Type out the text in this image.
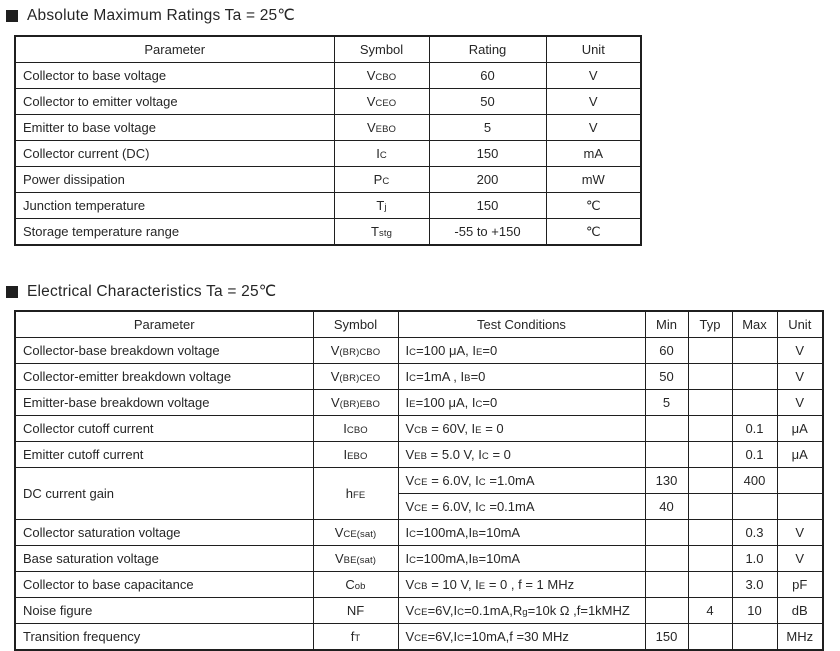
Absolute Maximum Ratings Ta = 25℃
Parameter	Symbol	Rating	Unit
Collector to base voltage	VCBO	60	V
Collector to emitter voltage	VCEO	50	V
Emitter to base voltage	VEBO	5	V
Collector current (DC)	IC	150	mA
Power dissipation	PC	200	mW
Junction temperature	Tj	150	℃
Storage temperature range	Tstg	-55 to +150	℃
Electrical Characteristics Ta = 25℃
Parameter	Symbol	Test Conditions	Min	Typ	Max	Unit
Collector-base breakdown voltage	V(BR)CBO	IC=100 μA, IE=0	60			V
Collector-emitter breakdown voltage	V(BR)CEO	IC=1mA , IB=0	50			V
Emitter-base breakdown voltage	V(BR)EBO	IE=100 μA, IC=0	5			V
Collector cutoff current	ICBO	VCB = 60V, IE = 0			0.1	μA
Emitter cutoff current	IEBO	VEB = 5.0 V, IC = 0			0.1	μA
DC current gain	hFE	VCE = 6.0V, IC =1.0mA	130		400	
		VCE = 6.0V, IC =0.1mA	40			
Collector saturation voltage	VCE(sat)	IC=100mA,IB=10mA			0.3	V
Base saturation voltage	VBE(sat)	IC=100mA,IB=10mA			1.0	V
Collector to base capacitance	Cob	VCB = 10 V, IE = 0 , f = 1 MHz			3.0	pF
Noise figure	NF	VCE=6V,IC=0.1mA,Rg=10k Ω ,f=1kMHZ		4	10	dB
Transition frequency	fT	VCE=6V,IC=10mA,f =30 MHz	150			MHz
